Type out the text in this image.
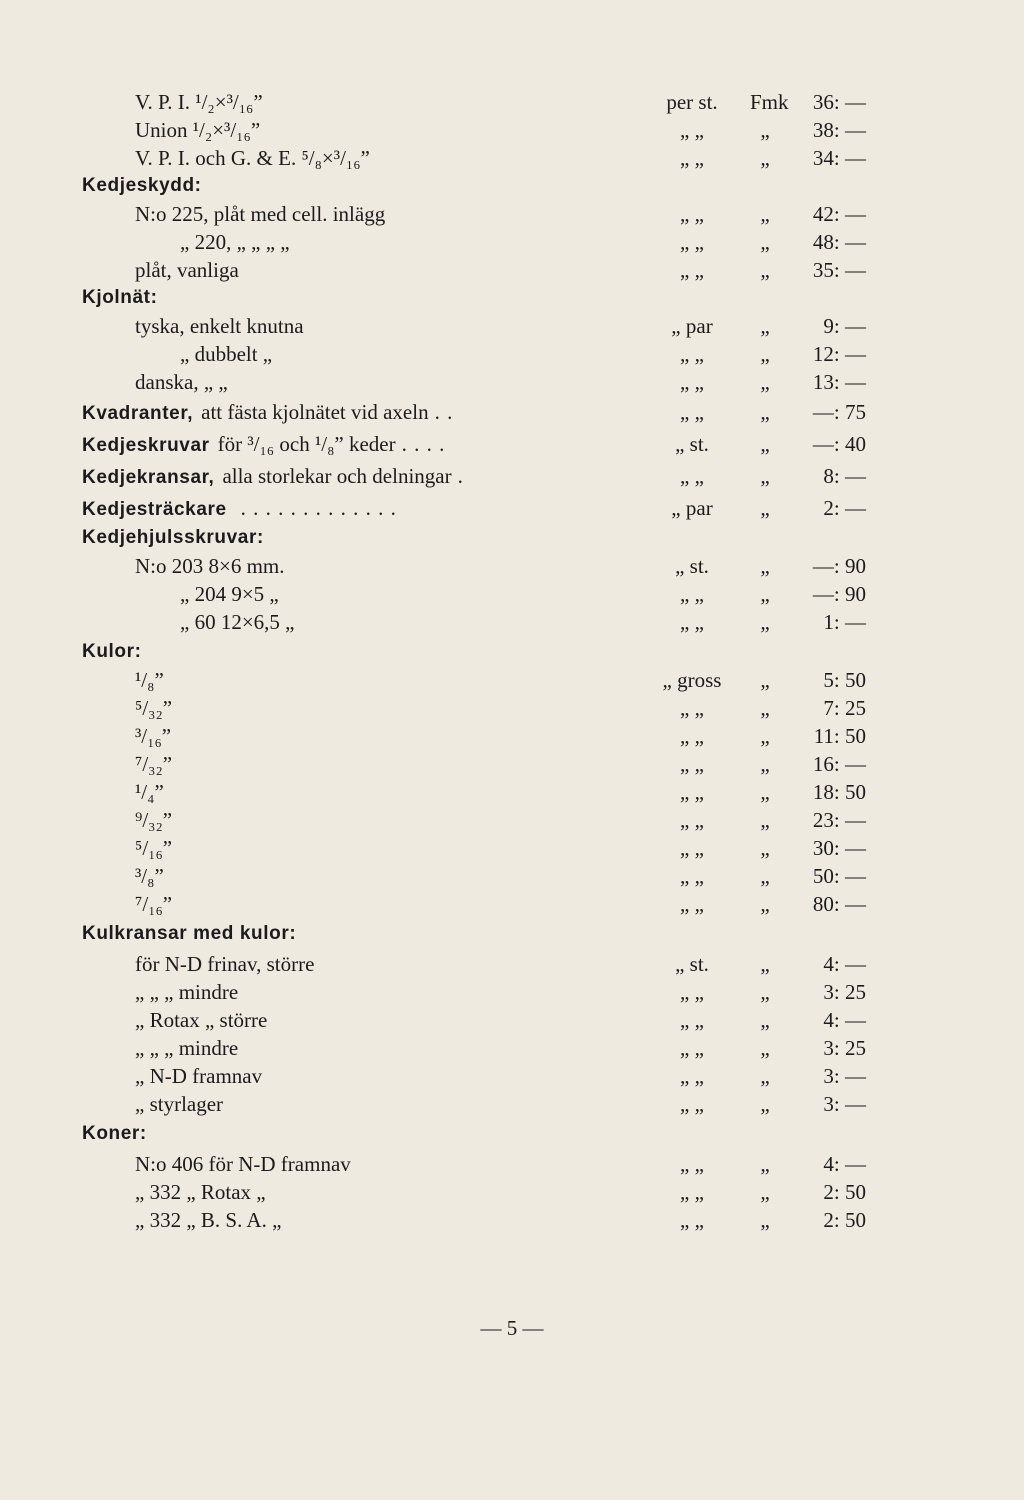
V. P. I. ¹/₂×³/₁₆”	per st.	Fmk	36: —
Union ¹/₂×³/₁₆”	„ „	„	38: —
V. P. I. och G. & E. ⁵/₈×³/₁₆”	„ „	„	34: —
Kedjeskydd:
N:o 225, plåt med cell. inlägg	„ „	„	42: —
„ 220, „ „ „ „	„ „	„	48: —
plåt, vanliga	„ „	„	35: —
Kjolnät:
tyska, enkelt knutna	„ par	„	9: —
„ dubbelt „	„ „	„	12: —
danska, „ „	„ „	„	13: —
Kvadranter, att fästa kjolnätet vid axeln . .	„ „	„	—: 75
Kedjeskruvar för ³/₁₆ och ¹/₈” keder . . . .	„ st.	„	—: 40
Kedjekransar, alla storlekar och delningar .	„ „	„	8: —
Kedjesträckare . . . . . . . . . . . . .	„ par	„	2: —
Kedjehjulsskruvar:
N:o 203 8×6 mm.	„ st.	„	—: 90
„ 204 9×5 „	„ „	„	—: 90
„ 60 12×6,5 „	„ „	„	1: —
Kulor:
¹/₈”	„ gross	„	5: 50
⁵/₃₂”	„ „	„	7: 25
³/₁₆”	„ „	„	11: 50
⁷/₃₂”	„ „	„	16: —
¹/₄”	„ „	„	18: 50
⁹/₃₂”	„ „	„	23: —
⁵/₁₆”	„ „	„	30: —
³/₈”	„ „	„	50: —
⁷/₁₆”	„ „	„	80: —
Kulkransar med kulor:
för N-D frinav, större	„ st.	„	4: —
„ „ „ mindre	„ „	„	3: 25
„ Rotax „ större	„ „	„	4: —
„ „ „ mindre	„ „	„	3: 25
„ N-D framnav	„ „	„	3: —
„ styrlager	„ „	„	3: —
Koner:
N:o 406 för N-D framnav	„ „	„	4: —
„ 332 „ Rotax „	„ „	„	2: 50
„ 332 „ B. S. A. „	„ „	„	2: 50
— 5 —
